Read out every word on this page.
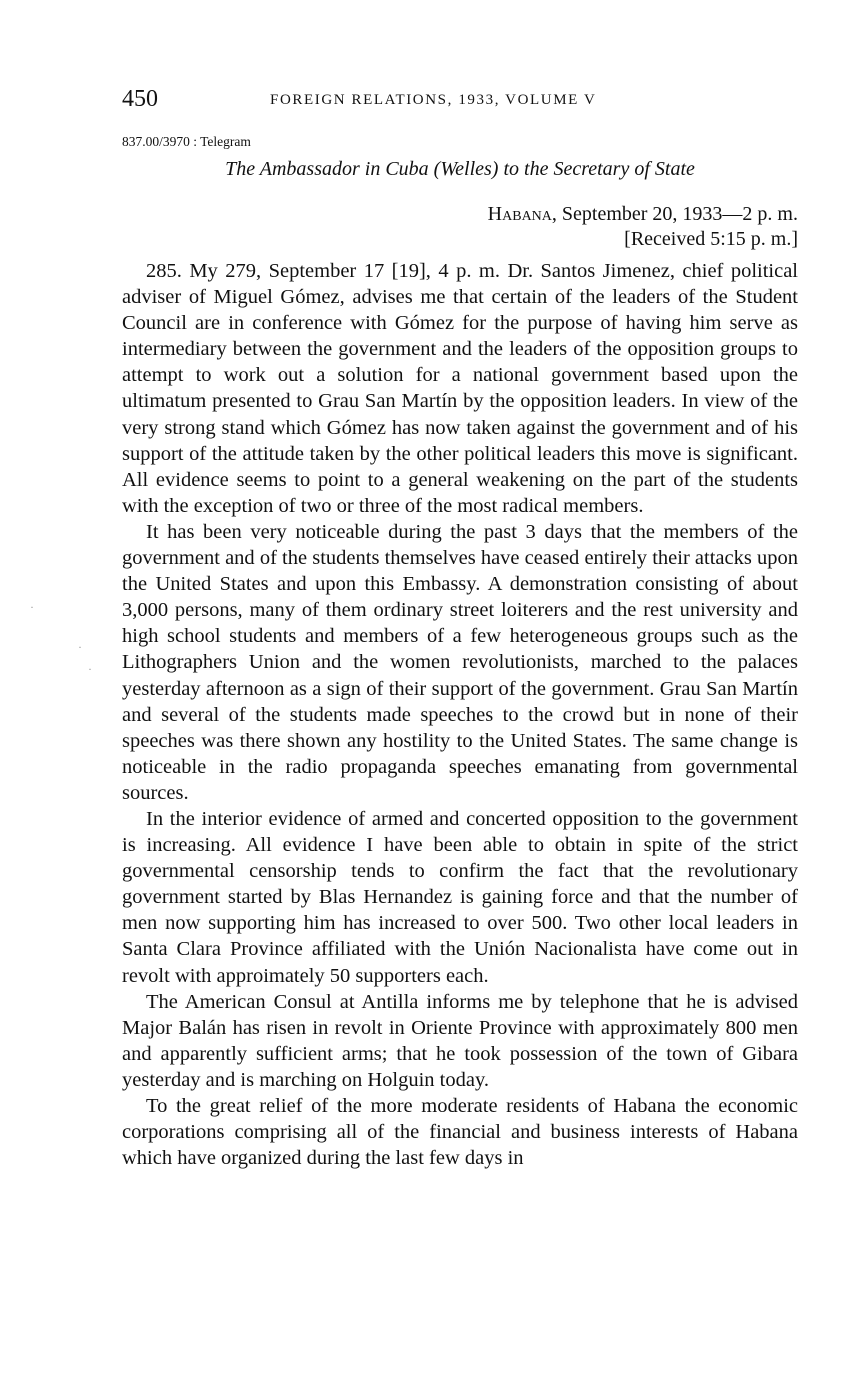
450	FOREIGN RELATIONS, 1933, VOLUME V
837.00/3970 : Telegram
The Ambassador in Cuba (Welles) to the Secretary of State
Habana, September 20, 1933—2 p. m.
[Received 5:15 p. m.]

285. My 279, September 17 [19], 4 p. m. Dr. Santos Jimenez, chief political adviser of Miguel Gómez, advises me that certain of the leaders of the Student Council are in conference with Gómez for the purpose of having him serve as intermediary between the government and the leaders of the opposition groups to attempt to work out a solution for a national government based upon the ultimatum presented to Grau San Martín by the opposition leaders. In view of the very strong stand which Gómez has now taken against the government and of his support of the attitude taken by the other political leaders this move is significant. All evidence seems to point to a general weakening on the part of the students with the exception of two or three of the most radical members.

It has been very noticeable during the past 3 days that the members of the government and of the students themselves have ceased entirely their attacks upon the United States and upon this Embassy. A demonstration consisting of about 3,000 persons, many of them ordinary street loiterers and the rest university and high school students and members of a few heterogeneous groups such as the Lithographers Union and the women revolutionists, marched to the palaces yesterday afternoon as a sign of their support of the government. Grau San Martín and several of the students made speeches to the crowd but in none of their speeches was there shown any hostility to the United States. The same change is noticeable in the radio propaganda speeches emanating from governmental sources.

In the interior evidence of armed and concerted opposition to the government is increasing. All evidence I have been able to obtain in spite of the strict governmental censorship tends to confirm the fact that the revolutionary government started by Blas Hernandez is gaining force and that the number of men now supporting him has increased to over 500. Two other local leaders in Santa Clara Province affiliated with the Unión Nacionalista have come out in revolt with approimately 50 supporters each.

The American Consul at Antilla informs me by telephone that he is advised Major Balán has risen in revolt in Oriente Province with approximately 800 men and apparently sufficient arms; that he took possession of the town of Gibara yesterday and is marching on Holguin today.

To the great relief of the more moderate residents of Habana the economic corporations comprising all of the financial and business interests of Habana which have organized during the last few days in

·
·
·
